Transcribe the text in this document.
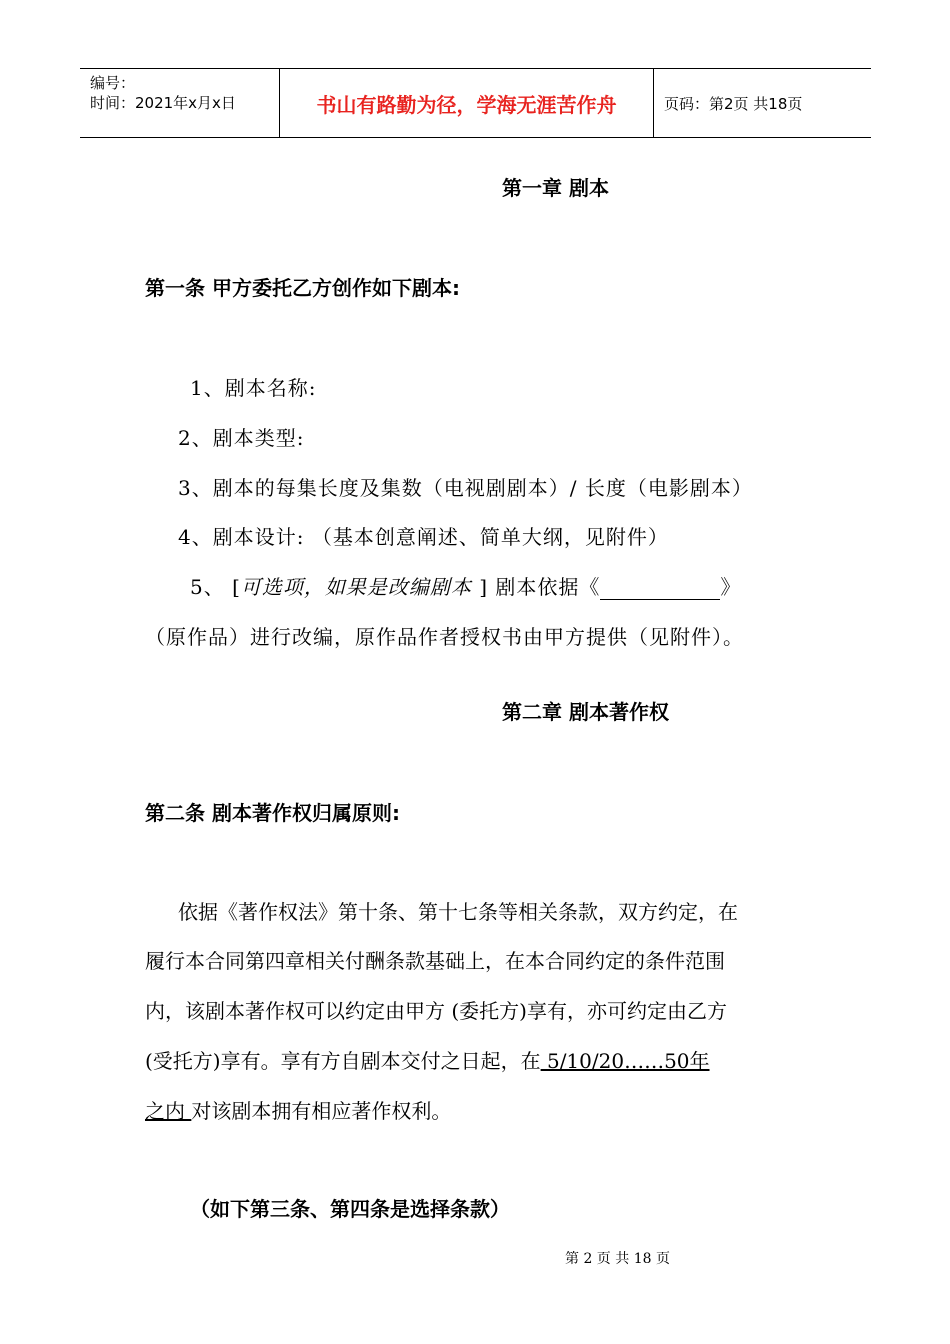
编号：
时间：2021年x月x日	书山有路勤为径，学海无涯苦作舟	页码：第2页 共18页
第一章 剧本
第一条 甲方委托乙方创作如下剧本:
1、剧本名称:
2、剧本类型:
3、剧本的每集长度及集数（电视剧剧本）/ 长度（电影剧本）
4、剧本设计: （基本创意阐述、简单大纲，见附件）
5、 [可选项，如果是改编剧本 ] 剧本依据《	》
（原作品）进行改编，原作品作者授权书由甲方提供（见附件）。
第二章 剧本著作权
第二条 剧本著作权归属原则:
依据《著作权法》第十条、第十七条等相关条款，双方约定，在
履行本合同第四章相关付酬条款基础上，在本合同约定的条件范围
内，该剧本著作权可以约定由甲方 (委托方)享有，亦可约定由乙方
(受托方)享有。享有方自剧本交付之日起，在 5/10/20……50年
之内 对该剧本拥有相应著作权利。
（如下第三条、第四条是选择条款）
第 2 页 共 18 页
